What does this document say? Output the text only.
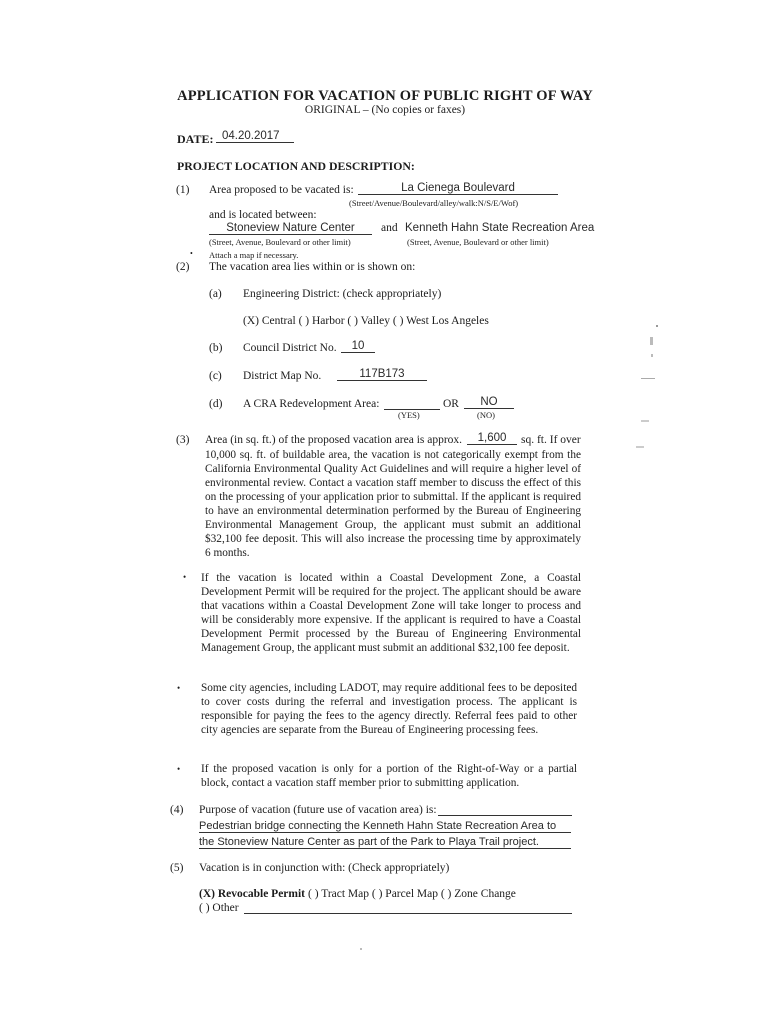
APPLICATION FOR VACATION OF PUBLIC RIGHT OF WAY
ORIGINAL – (No copies or faxes)
DATE: 04.20.2017
PROJECT LOCATION AND DESCRIPTION:
(1) Area proposed to be vacated is:	La Cienega Boulevard
(Street/Avenue/Boulevard/alley/walk:N/S/E/Wof)
and is located between:
Stoneview Nature Center	and Kenneth Hahn State Recreation Area
(Street, Avenue, Boulevard or other limit)	(Street, Avenue, Boulevard or other limit)
• Attach a map if necessary.
(2) The vacation area lies within or is shown on:
(a) Engineering District: (check appropriately)
(X) Central ( ) Harbor ( ) Valley ( ) West Los Angeles
(b) Council District No.	10
(c) District Map No.	117B173
(d) A CRA Redevelopment Area:	OR	NO
(YES)	(NO)
(3) Area (in sq. ft.) of the proposed vacation area is approx.	1,600	sq. ft. If over
10,000 sq. ft. of buildable area, the vacation is not categorically exempt from the California Environmental Quality Act Guidelines and will require a higher level of environmental review. Contact a vacation staff member to discuss the effect of this on the processing of your application prior to submittal. If the applicant is required to have an environmental determination performed by the Bureau of Engineering Environmental Management Group, the applicant must submit an additional $32,100 fee deposit. This will also increase the processing time by approximately 6 months.
• If the vacation is located within a Coastal Development Zone, a Coastal Development Permit will be required for the project. The applicant should be aware that vacations within a Coastal Development Zone will take longer to process and will be considerably more expensive. If the applicant is required to have a Coastal Development Permit processed by the Bureau of Engineering Environmental Management Group, the applicant must submit an additional $32,100 fee deposit.
• Some city agencies, including LADOT, may require additional fees to be deposited to cover costs during the referral and investigation process. The applicant is responsible for paying the fees to the agency directly. Referral fees paid to other city agencies are separate from the Bureau of Engineering processing fees.
• If the proposed vacation is only for a portion of the Right-of-Way or a partial block, contact a vacation staff member prior to submitting application.
(4) Purpose of vacation (future use of vacation area) is:
Pedestrian bridge connecting the Kenneth Hahn State Recreation Area to
the Stoneview Nature Center as part of the Park to Playa Trail project.
(5) Vacation is in conjunction with: (Check appropriately)
(X) Revocable Permit ( ) Tract Map ( ) Parcel Map ( ) Zone Change
( ) Other
